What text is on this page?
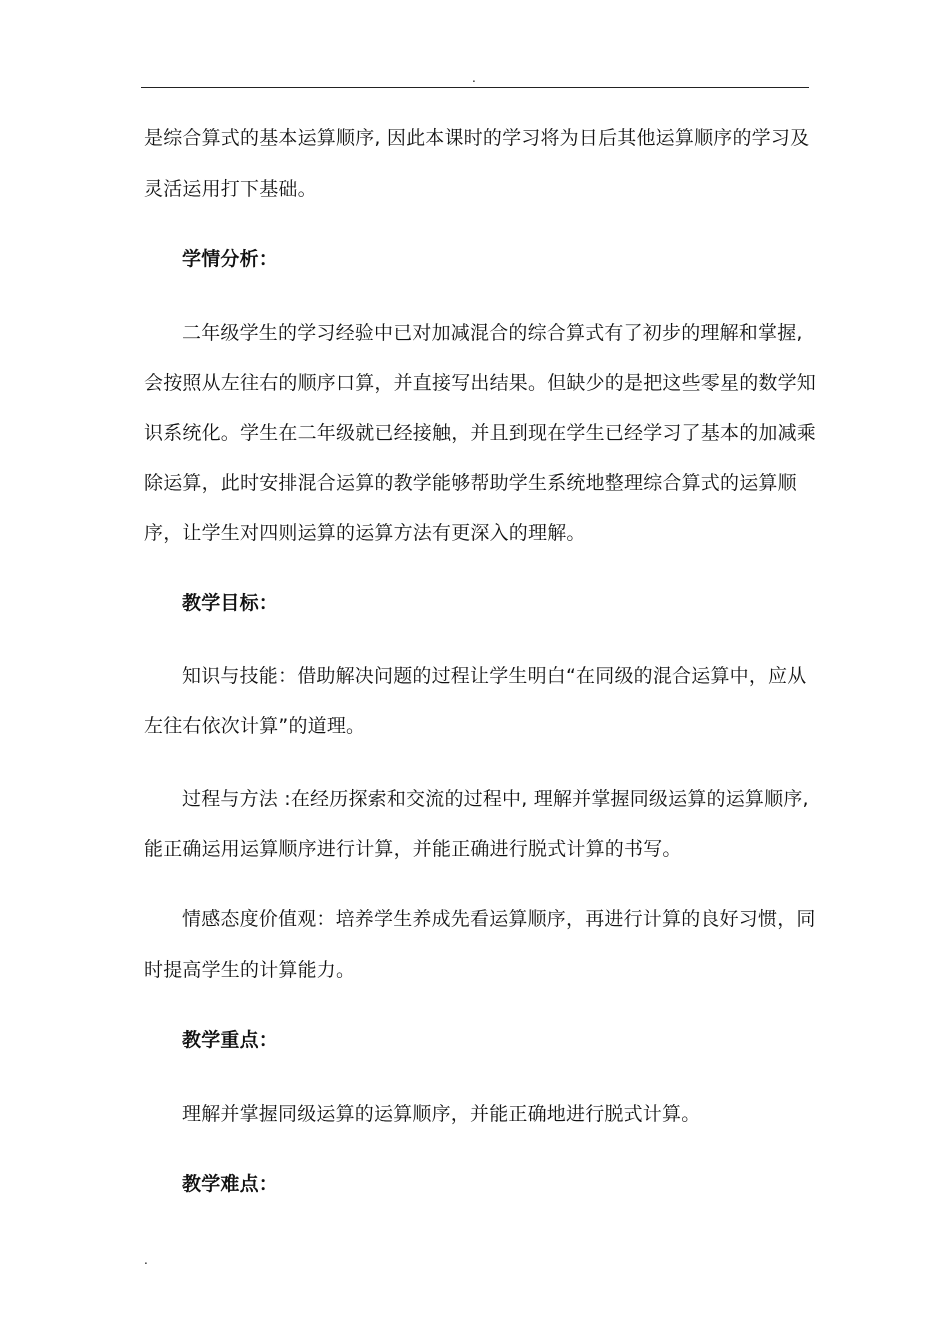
.
是综合算式的基本运算顺序, 因此本课时的学习将为日后其他运算顺序的学习及
灵活运用打下基础。
学情分析：
二年级学生的学习经验中已对加减混合的综合算式有了初步的理解和掌握,
会按照从左往右的顺序口算，并直接写出结果。但缺少的是把这些零星的数学知
识系统化。学生在二年级就已经接触，并且到现在学生已经学习了基本的加减乘
除运算，此时安排混合运算的教学能够帮助学生系统地整理综合算式的运算顺
序，让学生对四则运算的运算方法有更深入的理解。
教学目标：
知识与技能：借助解决问题的过程让学生明白“在同级的混合运算中，应从
左往右依次计算”的道理。
过程与方法 :在经历探索和交流的过程中, 理解并掌握同级运算的运算顺序,
能正确运用运算顺序进行计算，并能正确进行脱式计算的书写。
情感态度价值观：培养学生养成先看运算顺序，再进行计算的良好习惯，同
时提高学生的计算能力。
教学重点：
理解并掌握同级运算的运算顺序，并能正确地进行脱式计算。
教学难点：
.
